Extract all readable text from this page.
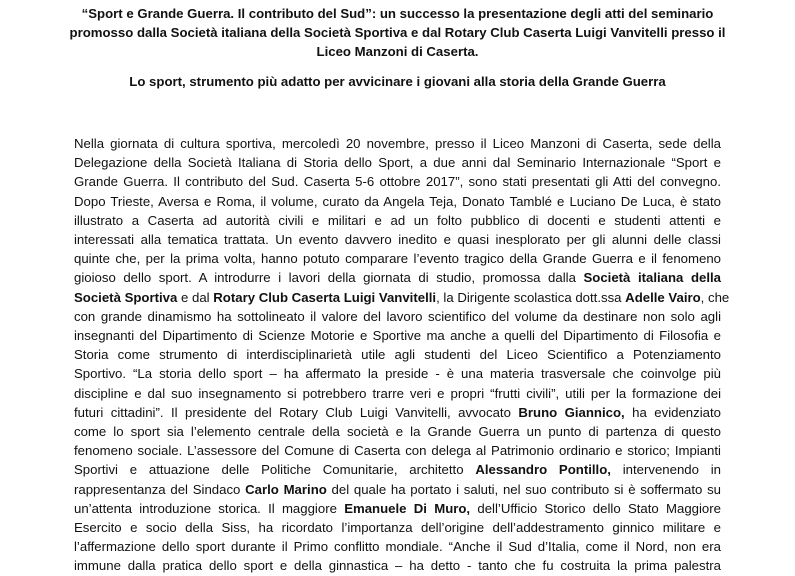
“Sport e Grande Guerra. Il contributo del Sud”: un successo la presentazione degli atti del seminario
promosso dalla Società italiana della Società Sportiva e dal Rotary Club Caserta Luigi Vanvitelli presso il
Liceo Manzoni di Caserta.
Lo sport, strumento più adatto per avvicinare i giovani alla storia della Grande Guerra
Nella giornata di cultura sportiva, mercoledì 20 novembre, presso il Liceo Manzoni di Caserta, sede della
Delegazione della Società Italiana di Storia dello Sport, a due anni dal Seminario Internazionale “Sport e
Grande Guerra. Il contributo del Sud. Caserta 5-6 ottobre 2017”, sono stati presentati gli Atti del convegno.
Dopo Trieste, Aversa e Roma, il volume, curato da Angela Teja, Donato Tamblé e Luciano De Luca, è stato
illustrato a Caserta ad autorità civili e militari e ad un folto pubblico di docenti e studenti attenti e
interessati alla tematica trattata. Un evento davvero inedito e quasi inesplorato per gli alunni delle classi
quinte che, per la prima volta, hanno potuto comparare l’evento tragico della Grande Guerra e il fenomeno
gioioso dello sport. A introdurre i lavori della giornata di studio, promossa dalla Società italiana della
Società Sportiva e dal Rotary Club Caserta Luigi Vanvitelli, la Dirigente scolastica dott.ssa Adelle Vairo, che
con grande dinamismo ha sottolineato il valore del lavoro scientifico del volume da destinare non solo agli
insegnanti del Dipartimento di Scienze Motorie e Sportive ma anche a quelli del Dipartimento di Filosofia e
Storia come strumento di interdisciplinarietà utile agli studenti del Liceo Scientifico a Potenziamento
Sportivo. “La storia dello sport – ha affermato la preside - è una materia trasversale che coinvolge più
discipline e dal suo insegnamento si potrebbero trarre veri e propri “frutti civili”, utili per la formazione dei
futuri cittadini”. Il presidente del Rotary Club Luigi Vanvitelli, avvocato Bruno Giannico, ha evidenziato
come lo sport sia l’elemento centrale della società e la Grande Guerra un punto di partenza di questo
fenomeno sociale. L’assessore del Comune di Caserta con delega al Patrimonio ordinario e storico; Impianti
Sportivi e attuazione delle Politiche Comunitarie, architetto Alessandro Pontillo, intervenendo in
rappresentanza del Sindaco Carlo Marino del quale ha portato i saluti, nel suo contributo si è soffermato su
un’attenta introduzione storica. Il maggiore Emanuele Di Muro, dell’Ufficio Storico dello Stato Maggiore
Esercito e socio della Siss, ha ricordato l’importanza dell’origine dell’addestramento ginnico militare e
l’affermazione dello sport durante il Primo conflitto mondiale. “Anche il Sud d’Italia, come il Nord, non era
immune dalla pratica dello sport e della ginnastica – ha detto - tanto che fu costruita la prima palestra
